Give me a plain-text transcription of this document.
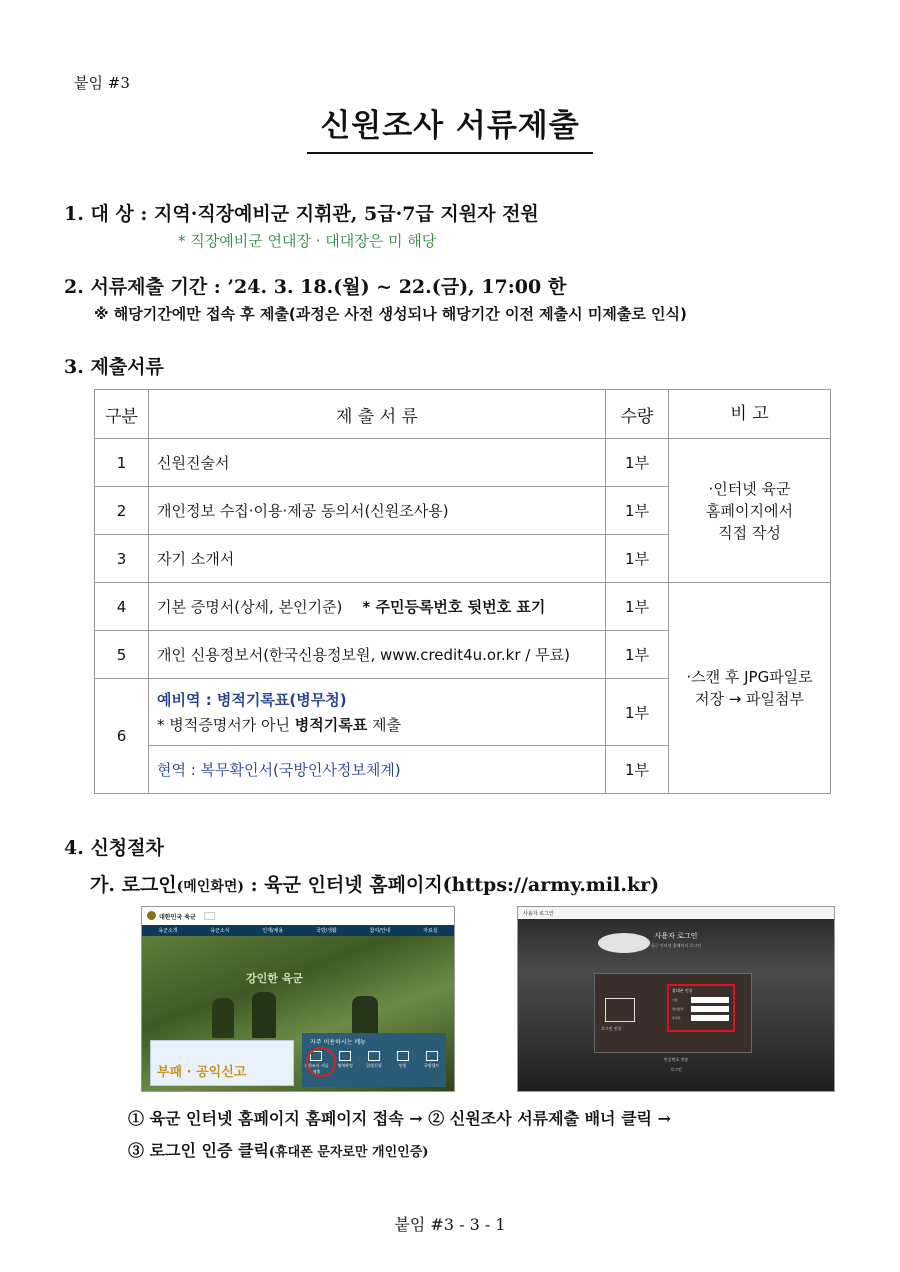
붙임 #3
신원조사 서류제출
1. 대 상 : 지역·직장예비군 지휘관, 5급·7급 지원자 전원
* 직장예비군 연대장 · 대대장은 미 해당
2. 서류제출 기간 : ’24. 3. 18.(월) ~ 22.(금), 17:00 한
※ 해당기간에만 접속 후 제출(과정은 사전 생성되나 해당기간 이전 제출시 미제출로 인식)
3. 제출서류
구분	제 출 서 류	수량	비 고
1	신원진술서	1부	·인터넷 육군
홈페이지에서
직접 작성

2	개인정보 수집·이용·제공 동의서(신원조사용)	1부	
3	자기 소개서	1부	
4	기본 증명서(상세, 본인기준) * 주민등록번호 뒷번호 표기	1부	·스캔 후 JPG파일로
저장 → 파일첨부

5	개인 신용정보서(한국신용정보원, www.credit4u.or.kr / 무료)	1부	
6	예비역 : 병적기록표(병무청)
* 병적증명서가 아닌 병적기록표 제출	1부	
	현역 : 복무확인서(국방인사정보체계)	1부	
4. 신청절차
가. 로그인(메인화면) : 육군 인터넷 홈페이지(https://army.mil.kr)
대한민국 육군
육군소개	육군소식	인재/채용	국방/생활	참여/안내	자료실
강인한 육군
부패 · 공익신고
자주 이용하시는 메뉴
신원조사 서류제출
병역판정	입영신청	민원	국방헬프
사용자 로그인
사용자 로그인
육군 인터넷 홈페이지 로그인
로그인 인증
휴대폰 인증
이름
생년월일
휴대폰
인증번호 전송
로그인
① 육군 인터넷 홈페이지 홈페이지 접속 → ② 신원조사 서류제출 배너 클릭 →
③ 로그인 인증 클릭(휴대폰 문자로만 개인인증)
붙임 #3 - 3 - 1
